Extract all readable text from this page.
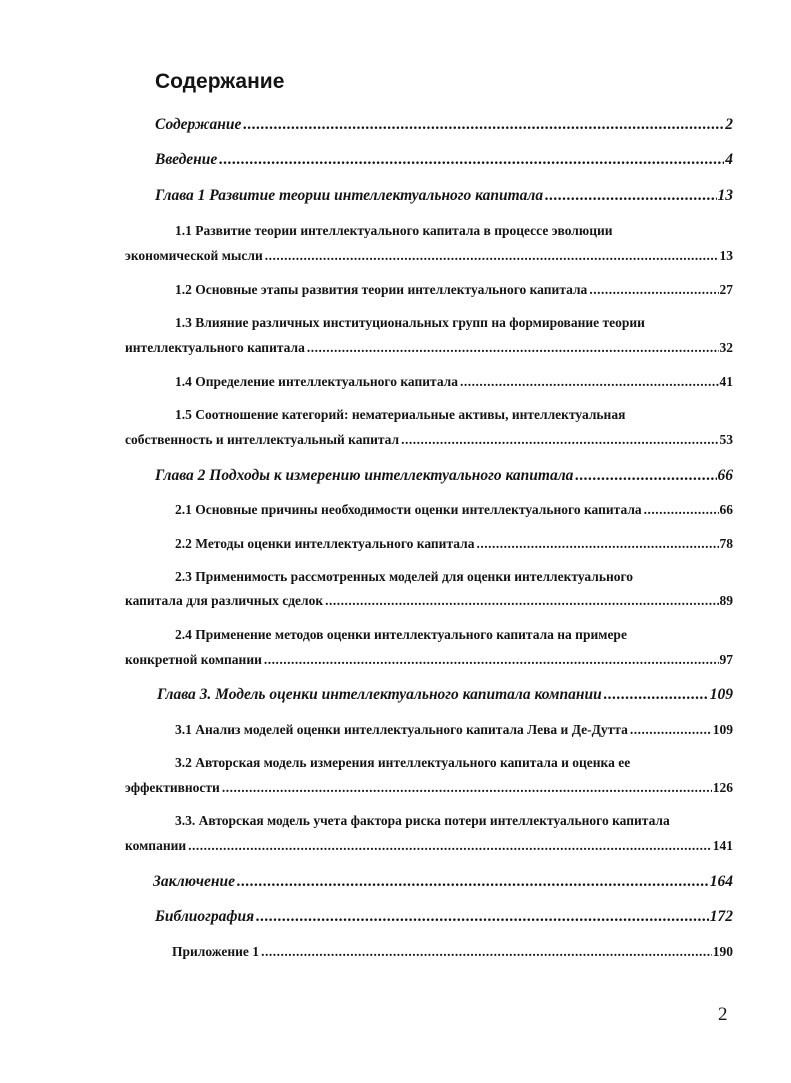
Содержание
Содержание .....	2
Введение .....	4
Глава 1 Развитие теории интеллектуального капитала .....	13
1.1 Развитие теории интеллектуального капитала в процессе эволюции
экономической мысли .....	13
1.2 Основные этапы развития теории интеллектуального капитала .....	27
1.3 Влияние различных институциональных групп на формирование теории
интеллектуального капитала .....	32
1.4 Определение интеллектуального капитала .....	41
1.5 Соотношение категорий: нематериальные активы, интеллектуальная
собственность и интеллектуальный капитал .....	53
Глава 2 Подходы к измерению интеллектуального капитала .....	66
2.1 Основные причины необходимости оценки интеллектуального капитала .....	66
2.2 Методы оценки интеллектуального капитала .....	78
2.3 Применимость рассмотренных моделей для оценки интеллектуального
капитала для различных сделок .....	89
2.4 Применение методов оценки интеллектуального капитала на примере
конкретной компании .....	97
Глава 3. Модель оценки интеллектуального капитала компании .....	109
3.1 Анализ моделей оценки интеллектуального капитала Лева и Де-Дутта .....	109
3.2 Авторская модель измерения интеллектуального капитала и оценка ее
эффективности .....	126
3.3. Авторская модель учета фактора риска потери интеллектуального капитала
компании .....	141
Заключение .....	164
Библиография .....	172
Приложение 1 .....	190
2
